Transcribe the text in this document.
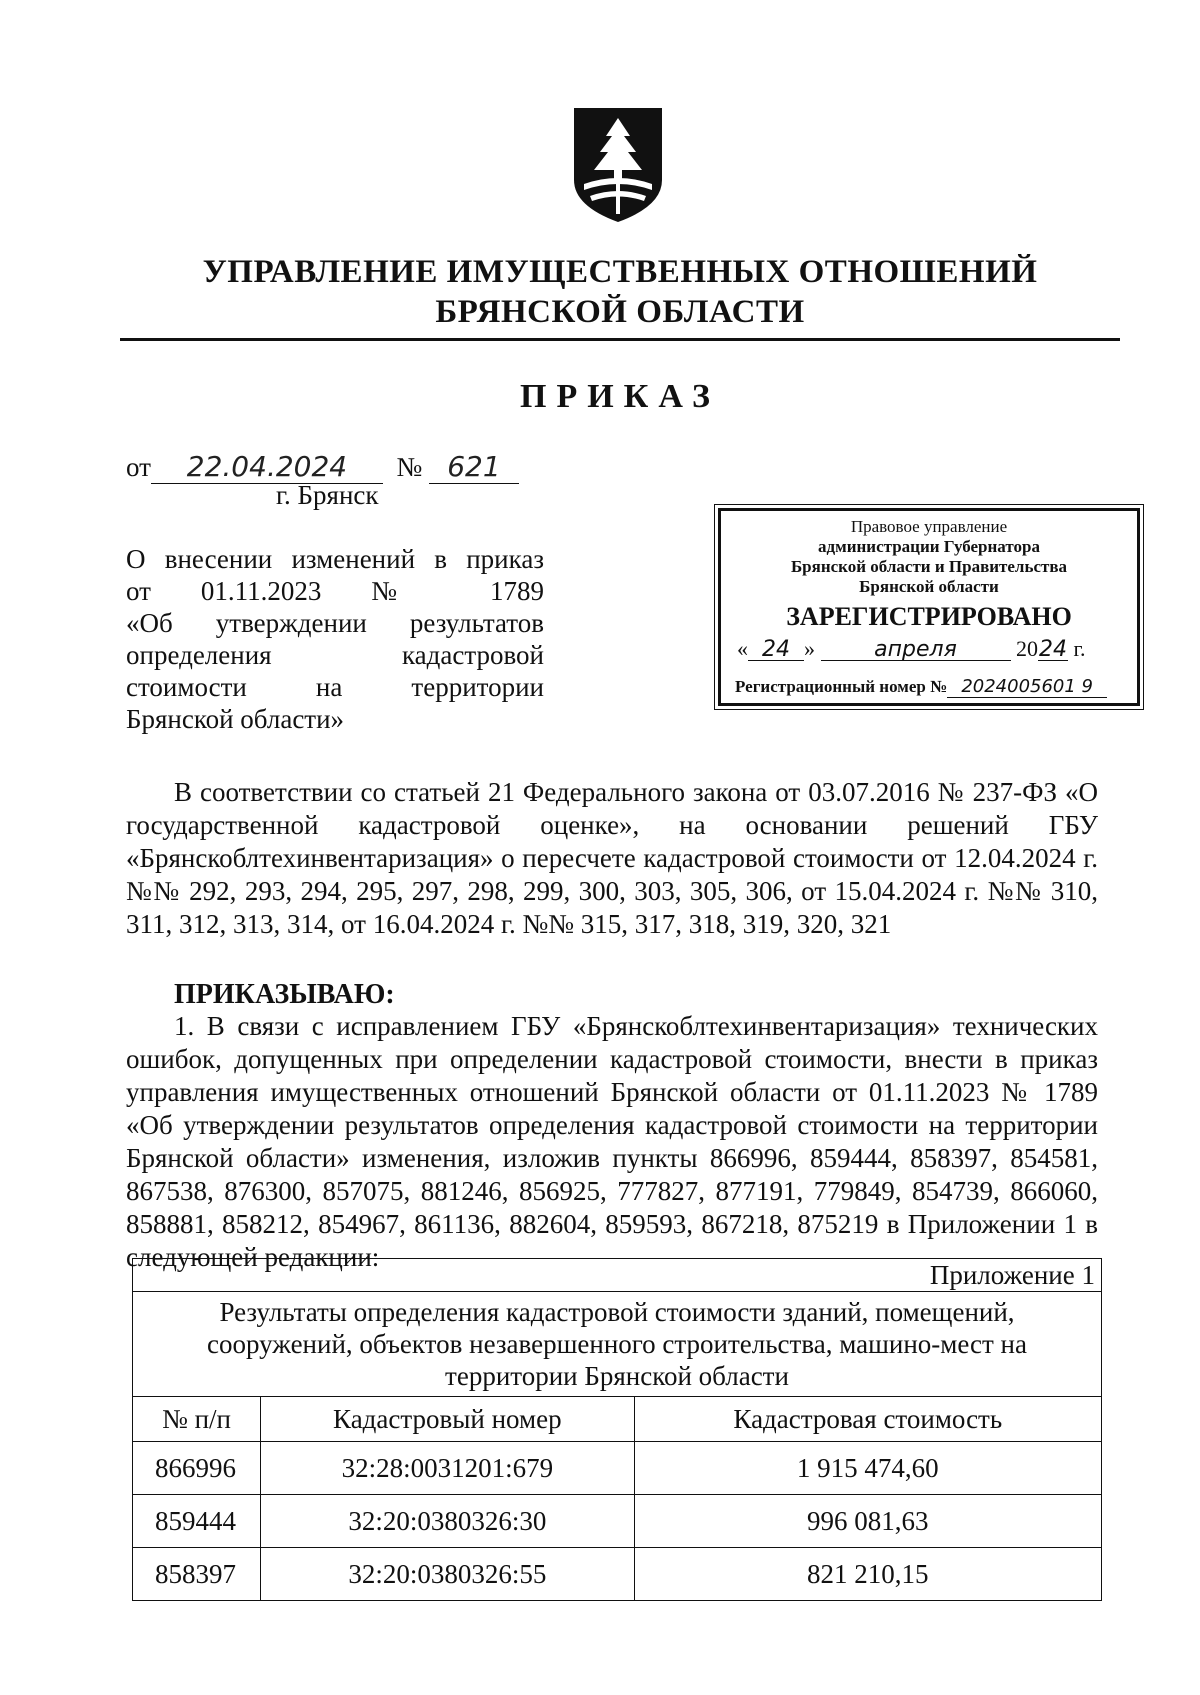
УПРАВЛЕНИЕ ИМУЩЕСТВЕННЫХ ОТНОШЕНИЙ
БРЯНСКОЙ ОБЛАСТИ
ПРИКАЗ
от 22.04.2024 № 621
г. Брянск
О внесении изменений в приказ
от 01.11.2023 № 1789
«Об утверждении результатов
определения кадастровой
стоимости на территории
Брянской области»
Правовое управление
администрации Губернатора
Брянской области и Правительства
Брянской области
ЗАРЕГИСТРИРОВАНО
« 24 » апреля	2024 г.
Регистрационный номер № 2024005601 9
В соответствии со статьей 21 Федерального закона от 03.07.2016 № 237-ФЗ «О государственной кадастровой оценке», на основании решений ГБУ «Брянскоблтехинвентаризация» о пересчете кадастровой стоимости от 12.04.2024 г. №№ 292, 293, 294, 295, 297, 298, 299, 300, 303, 305, 306, от 15.04.2024 г. №№ 310, 311, 312, 313, 314, от 16.04.2024 г. №№ 315, 317, 318, 319, 320, 321
ПРИКАЗЫВАЮ:
1. В связи с исправлением ГБУ «Брянскоблтехинвентаризация» технических ошибок, допущенных при определении кадастровой стоимости, внести в приказ управления имущественных отношений Брянской области от 01.11.2023 № 1789 «Об утверждении результатов определения кадастровой стоимости на территории Брянской области» изменения, изложив пункты 866996, 859444, 858397, 854581, 867538, 876300, 857075, 881246, 856925, 777827, 877191, 779849, 854739, 866060, 858881, 858212, 854967, 861136, 882604, 859593, 867218, 875219 в Приложении 1 в следующей редакции:
Приложение 1		
Результаты определения кадастровой стоимости зданий, помещений, сооружений, объектов незавершенного строительства, машино-мест на территории Брянской области		
№ п/п	Кадастровый номер	Кадастровая стоимость
866996	32:28:0031201:679	1 915 474,60
859444	32:20:0380326:30	996 081,63
858397	32:20:0380326:55	821 210,15
